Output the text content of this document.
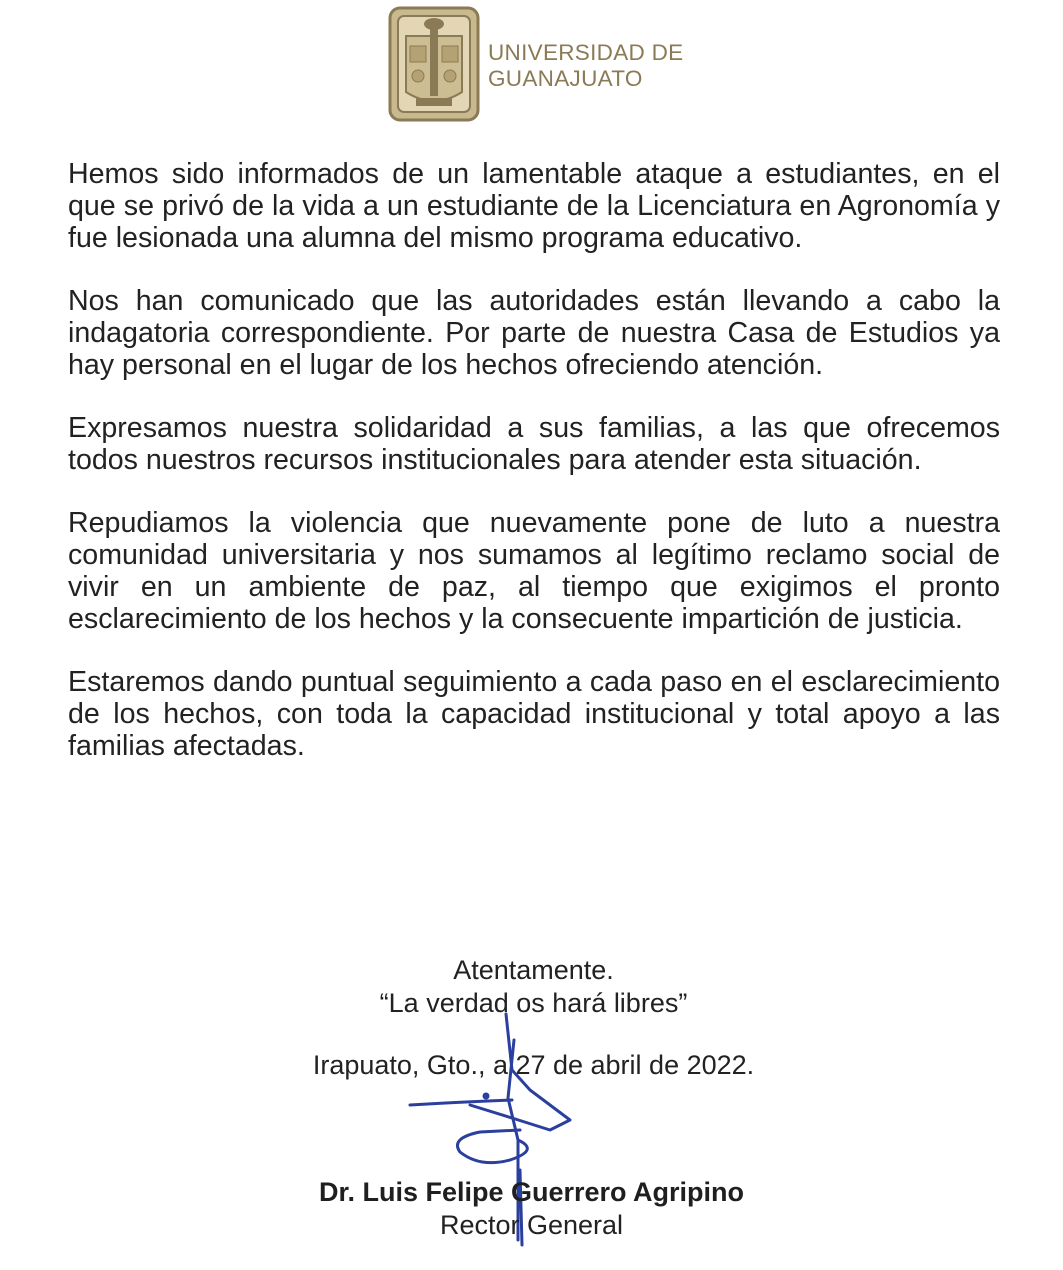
UNIVERSIDAD DE
GUANAJUATO

Hemos sido informados de un lamentable ataque a estudiantes, en el que se privó de la vida a un estudiante de la Licenciatura en Agronomía y fue lesionada una alumna del mismo programa educativo.

Nos han comunicado que las autoridades están llevando a cabo la indagatoria correspondiente. Por parte de nuestra Casa de Estudios ya hay personal en el lugar de los hechos ofreciendo atención.

Expresamos nuestra solidaridad a sus familias, a las que ofrecemos todos nuestros recursos institucionales para atender esta situación.

Repudiamos la violencia que nuevamente pone de luto a nuestra comunidad universitaria y nos sumamos al legítimo reclamo social de vivir en un ambiente de paz, al tiempo que exigimos el pronto esclarecimiento de los hechos y la consecuente impartición de justicia.

Estaremos dando puntual seguimiento a cada paso en el esclarecimiento de los hechos, con toda la capacidad institucional y total apoyo a las familias afectadas.

Atentamente.
“La verdad os hará libres”
Irapuato, Gto., a 27 de abril de 2022.
Dr. Luis Felipe Guerrero Agripino
Rector General
